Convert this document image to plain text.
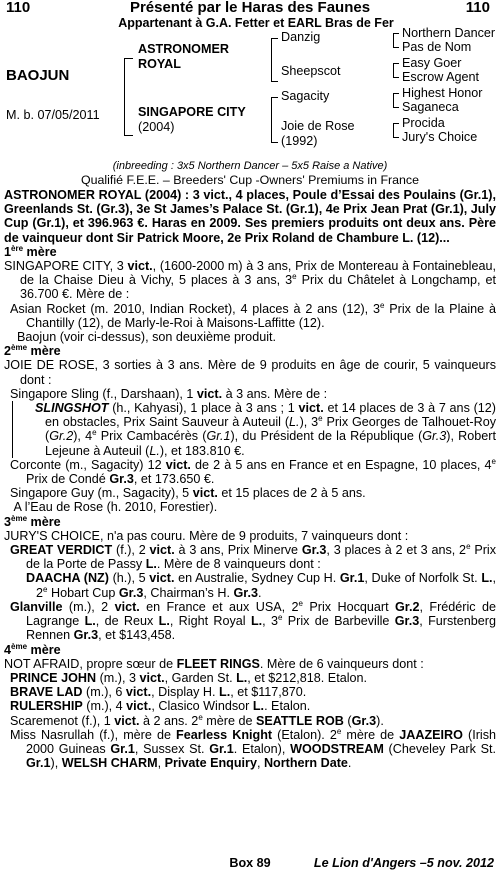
110	Présenté par le Haras des Faunes	110
Appartenant à G.A. Fetter et EARL Bras de Fer
BAOJUN
M. b. 07/05/2011
ASTRONOMER ROYAL
SINGAPORE CITY
(2004)
Danzig
Sheepscot
Sagacity
Joie de Rose
(1992)
Northern Dancer
Pas de Nom
Easy Goer
Escrow Agent
Highest Honor
Saganeca
Procida
Jury's Choice
(inbreeding : 3x5 Northern Dancer – 5x5 Raise a Native)
Qualifié F.E.E. – Breeders' Cup -Owners' Premiums in France

ASTRONOMER ROYAL (2004) : 3 vict., 4 places, Poule d’Essai des Poulains (Gr.1), Greenlands St. (Gr.3), 3e St James’s Palace St. (Gr.1), 4e Prix Jean Prat (Gr.1), July Cup (Gr.1), et 396.963 €. Haras en 2009. Ses premiers produits ont deux ans. Père de vainqueur dont Sir Patrick Moore, 2e Prix Roland de Chambure L. (12)...

1ère mère

SINGAPORE CITY, 3 vict., (1600-2000 m) à 3 ans, Prix de Montereau à Fontainebleau, de la Chaise Dieu à Vichy, 5 places à 3 ans, 3e Prix du Châtelet à Longchamp, et 36.700 €. Mère de :

Asian Rocket (m. 2010, Indian Rocket), 4 places à 2 ans (12), 3e Prix de la Plaine à Chantilly (12), de Marly-le-Roi à Maisons-Laffitte (12).

Baojun (voir ci-dessus), son deuxième produit.

2ème mère

JOIE DE ROSE, 3 sorties à 3 ans. Mère de 9 produits en âge de courir, 5 vainqueurs dont :

Singapore Sling (f., Darshaan), 1 vict. à 3 ans. Mère de :

SLINGSHOT (h., Kahyasi), 1 place à 3 ans ; 1 vict. et 14 places de 3 à 7 ans (12) en obstacles, Prix Saint Sauveur à Auteuil (L.), 3e Prix Georges de Talhouet-Roy (Gr.2), 4e Prix Cambacérès (Gr.1), du Président de la République (Gr.3), Robert Lejeune à Auteuil (L.), et 183.810 €.

Corconte (m., Sagacity) 12 vict. de 2 à 5 ans en France et en Espagne, 10 places, 4e Prix de Condé Gr.3, et 173.650 €.

Singapore Guy (m., Sagacity), 5 vict. et 15 places de 2 à 5 ans.

A l’Eau de Rose (h. 2010, Forestier).

3ème mère

JURY'S CHOICE, n'a pas couru. Mère de 9 produits, 7 vainqueurs dont :

GREAT VERDICT (f.), 2 vict. à 3 ans, Prix Minerve Gr.3, 3 places à 2 et 3 ans, 2e Prix de la Porte de Passy L.. Mère de 8 vainqueurs dont :

DAACHA (NZ) (h.), 5 vict. en Australie, Sydney Cup H. Gr.1, Duke of Norfolk St. L., 2e Hobart Cup Gr.3, Chairman’s H. Gr.3.

Glanville (m.), 2 vict. en France et aux USA, 2e Prix Hocquart Gr.2, Frédéric de Lagrange L., de Reux L., Right Royal L., 3e Prix de Barbeville Gr.3, Furstenberg Rennen Gr.3, et $143,458.

4ème mère

NOT AFRAID, propre sœur de FLEET RINGS. Mère de 6 vainqueurs dont :

PRINCE JOHN (m.), 3 vict., Garden St. L., et $212,818. Etalon.

BRAVE LAD (m.), 6 vict., Display H. L., et $117,870.

RULERSHIP (m.), 4 vict., Clasico Windsor L.. Etalon.

Scaremenot (f.), 1 vict. à 2 ans. 2e mère de SEATTLE ROB (Gr.3).

Miss Nasrullah (f.), mère de Fearless Knight (Etalon). 2e mère de JAAZEIRO (Irish 2000 Guineas Gr.1, Sussex St. Gr.1. Etalon), WOODSTREAM (Cheveley Park St. Gr.1), WELSH CHARM, Private Enquiry, Northern Date.

Box 89	Le Lion d'Angers –5 nov. 2012
